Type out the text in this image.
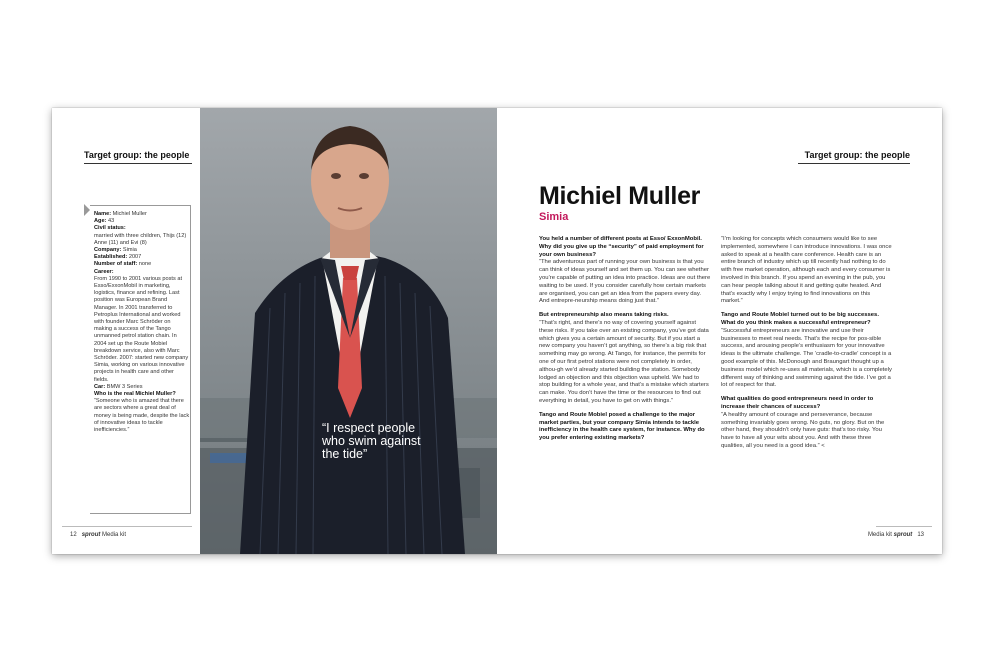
Target group: the people

Name: Michiel Muller

Age: 43

Civil status:

married with three children, Thijs (12) Anne (11) and Evi (8)

Company: Simia

Established: 2007

Number of staff: none

Career:

From 1990 to 2001 various posts at Esso/ExxonMobil in marketing, logistics, finance and refining. Last position was European Brand Manager. In 2001 transferred to Petroplus International and worked with founder Marc Schröder on making a success of the Tango unmanned petrol station chain. In 2004 set up the Route Mobiel breakdown service, also with Marc Schröder. 2007: started new company Simia, working on various innovative projects in health care and other fields.

Car: BMW 3 Series

Who is the real Michiel Muller?

“Someone who is amazed that there are sectors where a great deal of money is being made, despite the lack of innovative ideas to tackle inefficiencies.”

12 sprout Media kit
“I respect people who swim against the tide”
Target group: the people
Michiel Muller
Simia

You held a number of different posts at Esso/ ExxonMobil. Why did you give up the “security” of paid employment for your own business?
“The adventurous part of running your own business is that you can think of ideas yourself and set them up. You can see whether you’re capable of putting an idea into practice. Ideas are out there waiting to be used. If you consider carefully how certain markets are organised, you can get an idea from the papers every day. And entrepre-neurship means doing just that.”

But entrepreneurship also means taking risks.
“That’s right, and there’s no way of covering yourself against these risks. If you take over an existing company, you’ve got data which gives you a certain amount of security. But if you start a new company you haven’t got anything, so there’s a big risk that something may go wrong. At Tango, for instance, the permits for one of our first petrol stations were not completely in order, althou-gh we’d already started building the station. Somebody lodged an objection and this objection was upheld. We had to stop building for a whole year, and that’s a mistake which starters can make. You don’t have the time or the resources to find out everything in detail, you have to get on with things.”

Tango and Route Mobiel posed a challenge to the major market parties, but your company Simia intends to tackle inefficiency in the health care system, for instance. Why do you prefer entering existing markets?

“I’m looking for concepts which consumers would like to see implemented, somewhere I can introduce innovations. I was once asked to speak at a health care conference. Health care is an entire branch of industry which up till recently had nothing to do with free market operation, although each and every consumer is involved in this branch. If you spend an evening in the pub, you can hear people talking about it and getting quite heated. And that’s exactly why I enjoy trying to find innovations on this market.”

Tango and Route Mobiel turned out to be big successes. What do you think makes a successful entrepreneur?
“Successful entrepreneurs are innovative and use their businesses to meet real needs. That’s the recipe for pos-sible success, and arousing people’s enthusiasm for your innovative ideas is the ultimate challenge. The ‘cradle-to-cradle’ concept is a good example of this. McDonough and Braungart thought up a business model which re-uses all materials, which is a completely different way of thinking and swimming against the tide. I’ve got a lot of respect for that.

What qualities do good entrepreneurs need in order to increase their chances of success?
“A healthy amount of courage and perseverance, because something invariably goes wrong. No guts, no glory. But on the other hand, they shouldn’t only have guts: that’s too risky. You have to have all your wits about you. And with these three qualities, all you need is a good idea.” <

Media kit sprout 13
